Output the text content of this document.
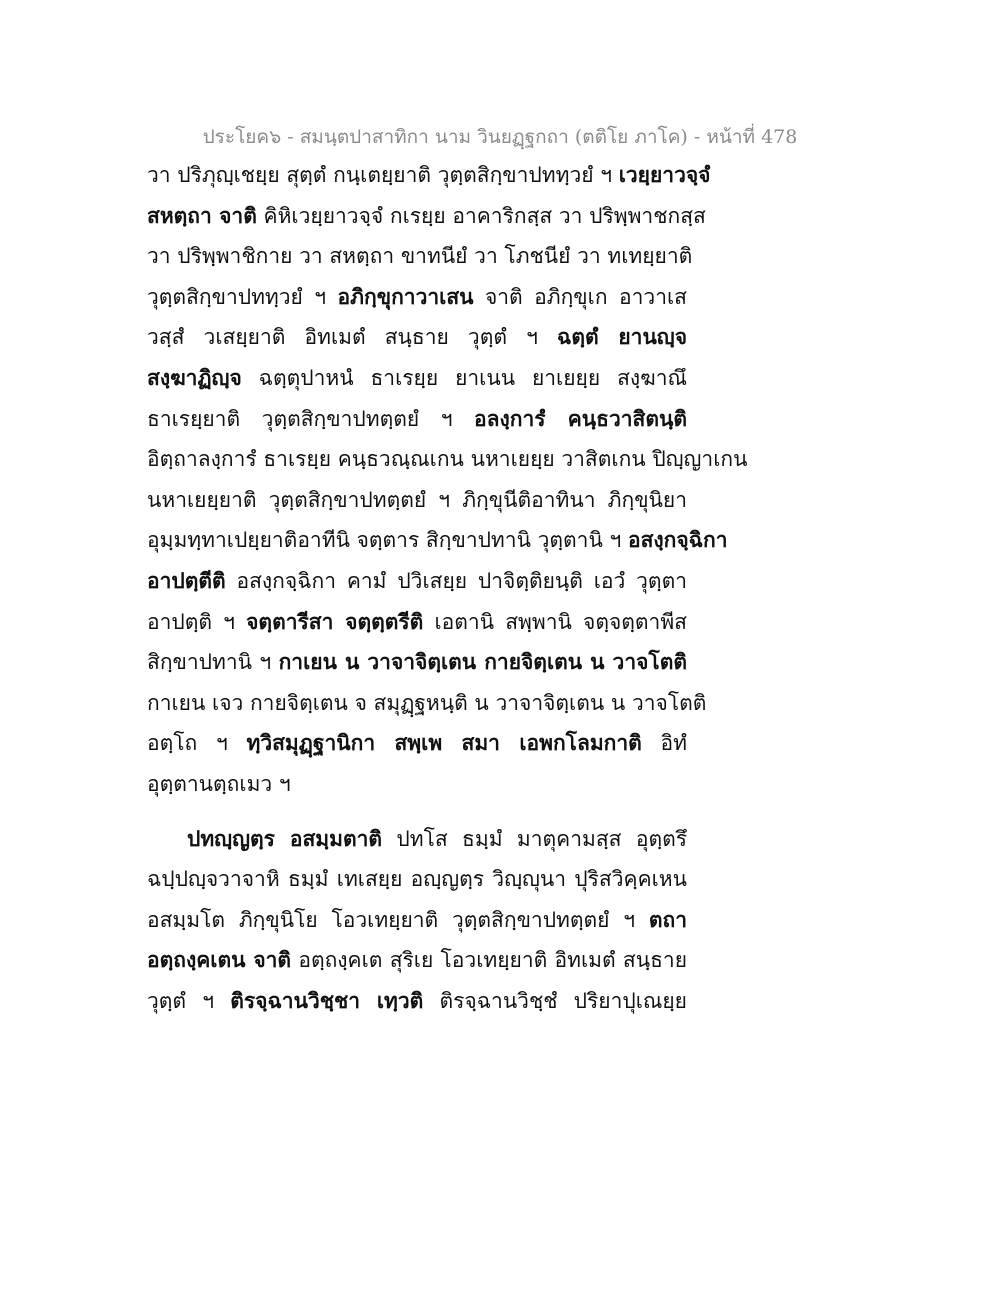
ประโยค๖ - สมนฺตปาสาทิกา นาม วินยฏฺฐกถา (ตติโย ภาโค) - หน้าที่ 478
วา ปริภุญฺเชยฺย สุตฺตํ กนฺเตยฺยาติ วุตฺตสิกฺขาปททฺวยํ ฯ เวยฺยาวจฺจํ
สหตฺถา จาติ คิหิเวยฺยาวจฺจํ กเรยฺย อาคาริกสฺส วา ปริพฺพาชกสฺส
วา ปริพฺพาชิกาย วา สหตฺถา ขาทนียํ วา โภชนียํ วา ทเทยฺยาติ
วุตฺตสิกฺขาปททฺวยํ ฯ อภิกฺขุกาวาเสน จาติ อภิกฺขุเก อาวาเส
วสฺสํ วเสยฺยาติ อิทเมตํ สนฺธาย วุตฺตํ ฯ ฉตฺตํ ยานญฺจ
สงฺฆาฏิญฺจ ฉตฺตุปาหนํ ธาเรยฺย ยาเนน ยาเยยฺย สงฺฆาณึ
ธาเรยฺยาติ วุตฺตสิกฺขาปทตฺตยํ ฯ อลงฺการํ คนฺธวาสิตนฺติ
อิตฺถาลงฺการํ ธาเรยฺย คนฺธวณฺณเกน นหาเยยฺย วาสิตเกน ปิญฺญาเกน
นหาเยยฺยาติ วุตฺตสิกฺขาปทตฺตยํ ฯ ภิกฺขุนีติอาทินา ภิกฺขุนิยา
อุมฺมทฺทาเปยฺยาติอาทีนิ จตฺตาร สิกฺขาปทานิ วุตฺตานิ ฯ อสงฺกจฺฉิกา
อาปตฺตีติ อสงฺกจฺฉิกา คามํ ปวิเสยฺย ปาจิตฺติยนฺติ เอวํ วุตฺตา
อาปตฺติ ฯ จตฺตารีสา จตฺตฺตรีติ เอตานิ สพฺพานิ จตฺจตฺตาพีส
สิกฺขาปทานิ ฯ กาเยน น วาจาจิตฺเตน กายจิตฺเตน น วาจโตติ
กาเยน เจว กายจิตฺเตน จ สมุฏฺฐหนฺติ น วาจาจิตฺเตน น วาจโตติ
อตฺโถ ฯ ทฺวิสมุฏฺฐานิกา สพฺเพ สมา เอพกโลมกาติ อิทํ
อุตฺตานตฺถเมว ฯ
ปทญฺญตฺร อสมฺมตาติ ปทโส ธมฺมํ มาตุคามสฺส อุตฺตรึ
ฉปฺปญฺจวาจาหิ ธมฺมํ เทเสยฺย อญฺญตฺร วิญฺญุนา ปุริสวิคฺคเหน
อสมฺมโต ภิกฺขุนิโย โอวเทยฺยาติ วุตฺตสิกฺขาปทตฺตยํ ฯ ตถา
อตฺถงฺคเตน จาติ อตฺถงฺคเต สุริเย โอวเทยฺยาติ อิทเมตํ สนฺธาย
วุตฺตํ ฯ ติรจฺฉานวิชฺชา เทฺวติ ติรจฺฉานวิชฺชํ ปริยาปุเณยฺย
